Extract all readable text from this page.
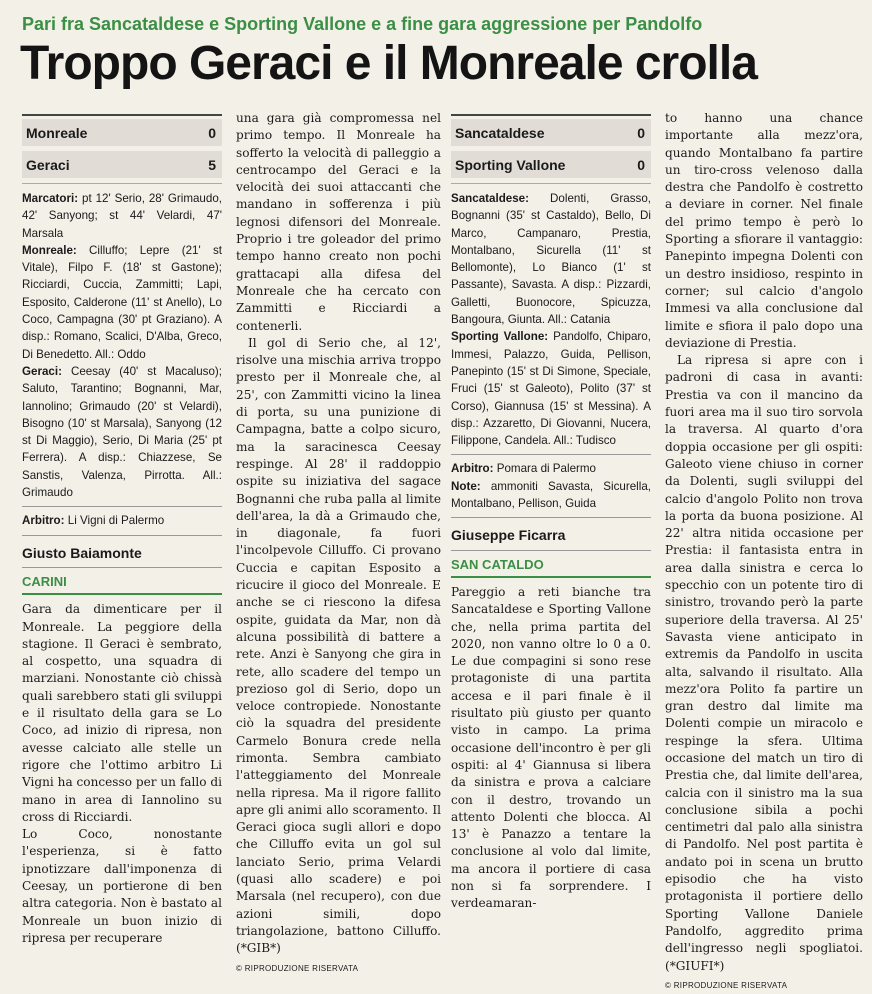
Pari fra Sancataldese e Sporting Vallone e a fine gara aggressione per Pandolfo
Troppo Geraci e il Monreale crolla
Monreale	0
Geraci	5

Marcatori: pt 12' Serio, 28' Grimaudo, 42' Sanyong; st 44' Velardi, 47' Marsala

Monreale: Cilluffo; Lepre (21' st Vitale), Filpo F. (18' st Gastone); Ricciardi, Cuccia, Zammitti; Lapi, Esposito, Calderone (11' st Anello), Lo Coco, Campagna (30' pt Graziano). A disp.: Romano, Scalici, D'Alba, Greco, Di Benedetto. All.: Oddo

Geraci: Ceesay (40' st Macaluso); Saluto, Tarantino; Bognanni, Mar, Iannolino; Grimaudo (20' st Velardi), Bisogno (10' st Marsala), Sanyong (12 st Di Maggio), Serio, Di Maria (25' pt Ferrera). A disp.: Chiazzese, Se Sanstis, Valenza, Pirrotta. All.: Grimaudo

Arbitro: Li Vigni di Palermo

Giusto Baiamonte
CARINI

Gara da dimenticare per il Monreale. La peggiore della stagione. Il Geraci è sembrato, al cospetto, una squadra di marziani. Nonostante ciò chissà quali sarebbero stati gli sviluppi e il risultato della gara se Lo Coco, ad inizio di ripresa, non avesse calciato alle stelle un rigore che l'ottimo arbitro Li Vigni ha concesso per un fallo di mano in area di Iannolino su cross di Ricciardi.

Lo Coco, nonostante l'esperienza, si è fatto ipnotizzare dall'imponenza di Ceesay, un portierone di ben altra categoria. Non è bastato al Monreale un buon inizio di ripresa per recuperare

una gara già compromessa nel primo tempo. Il Monreale ha sofferto la velocità di palleggio a centrocampo del Geraci e la velocità dei suoi attaccanti che mandano in sofferenza i più legnosi difensori del Monreale. Proprio i tre goleador del primo tempo hanno creato non pochi grattacapi alla difesa del Monreale che ha cercato con Zammitti e Ricciardi a contenerli.

Il gol di Serio che, al 12', risolve una mischia arriva troppo presto per il Monreale che, al 25', con Zammitti vicino la linea di porta, su una punizione di Campagna, batte a colpo sicuro, ma la saracinesca Ceesay respinge. Al 28' il raddoppio ospite su iniziativa del sagace Bognanni che ruba palla al limite dell'area, la dà a Grimaudo che, in diagonale, fa fuori l'incolpevole Cilluffo. Ci provano Cuccia e capitan Esposito a ricucire il gioco del Monreale. E anche se ci riescono la difesa ospite, guidata da Mar, non dà alcuna possibilità di battere a rete. Anzi è Sanyong che gira in rete, allo scadere del tempo un prezioso gol di Serio, dopo un veloce contropiede. Nonostante ciò la squadra del presidente Carmelo Bonura crede nella rimonta. Sembra cambiato l'atteggiamento del Monreale nella ripresa. Ma il rigore fallito apre gli animi allo scoramento. Il Geraci gioca sugli allori e dopo che Cilluffo evita un gol sul lanciato Serio, prima Velardi (quasi allo scadere) e poi Marsala (nel recupero), con due azioni simili, dopo triangolazione, battono Cilluffo. (*GIB*)

© RIPRODUZIONE RISERVATA
Sancataldese	0
Sporting Vallone	0

Sancataldese: Dolenti, Grasso, Bognanni (35' st Castaldo), Bello, Di Marco, Campanaro, Prestia, Montalbano, Sicurella (11' st Bellomonte), Lo Bianco (1' st Passante), Savasta. A disp.: Pizzardi, Galletti, Buonocore, Spicuzza, Bangoura, Giunta. All.: Catania

Sporting Vallone: Pandolfo, Chiparo, Immesi, Palazzo, Guida, Pellison, Panepinto (15' st Di Simone, Speciale, Fruci (15' st Galeoto), Polito (37' st Corso), Giannusa (15' st Messina). A disp.: Azzaretto, Di Giovanni, Nucera, Filippone, Candela. All.: Tudisco

Arbitro: Pomara di Palermo

Note: ammoniti Savasta, Sicurella, Montalbano, Pellison, Guida

Giuseppe Ficarra
SAN CATALDO

Pareggio a reti bianche tra Sancataldese e Sporting Vallone che, nella prima partita del 2020, non vanno oltre lo 0 a 0. Le due compagini si sono rese protagoniste di una partita accesa e il pari finale è il risultato più giusto per quanto visto in campo. La prima occasione dell'incontro è per gli ospiti: al 4' Giannusa si libera da sinistra e prova a calciare con il destro, trovando un attento Dolenti che blocca. Al 13' è Panazzo a tentare la conclusione al volo dal limite, ma ancora il portiere di casa non si fa sorprendere. I verdeamaran-

to hanno una chance importante alla mezz'ora, quando Montalbano fa partire un tiro-cross velenoso dalla destra che Pandolfo è costretto a deviare in corner. Nel finale del primo tempo è però lo Sporting a sfiorare il vantaggio: Panepinto impegna Dolenti con un destro insidioso, respinto in corner; sul calcio d'angolo Immesi va alla conclusione dal limite e sfiora il palo dopo una deviazione di Prestia.

La ripresa si apre con i padroni di casa in avanti: Prestia va con il mancino da fuori area ma il suo tiro sorvola la traversa. Al quarto d'ora doppia occasione per gli ospiti: Galeoto viene chiuso in corner da Dolenti, sugli sviluppi del calcio d'angolo Polito non trova la porta da buona posizione. Al 22' altra nitida occasione per Prestia: il fantasista entra in area dalla sinistra e cerca lo specchio con un potente tiro di sinistro, trovando però la parte superiore della traversa. Al 25' Savasta viene anticipato in extremis da Pandolfo in uscita alta, salvando il risultato. Alla mezz'ora Polito fa partire un gran destro dal limite ma Dolenti compie un miracolo e respinge la sfera. Ultima occasione del match un tiro di Prestia che, dal limite dell'area, calcia con il sinistro ma la sua conclusione sibila a pochi centimetri dal palo alla sinistra di Pandolfo. Nel post partita è andato poi in scena un brutto episodio che ha visto protagonista il portiere dello Sporting Vallone Daniele Pandolfo, aggredito prima dell'ingresso negli spogliatoi. (*GIUFI*)

© RIPRODUZIONE RISERVATA
